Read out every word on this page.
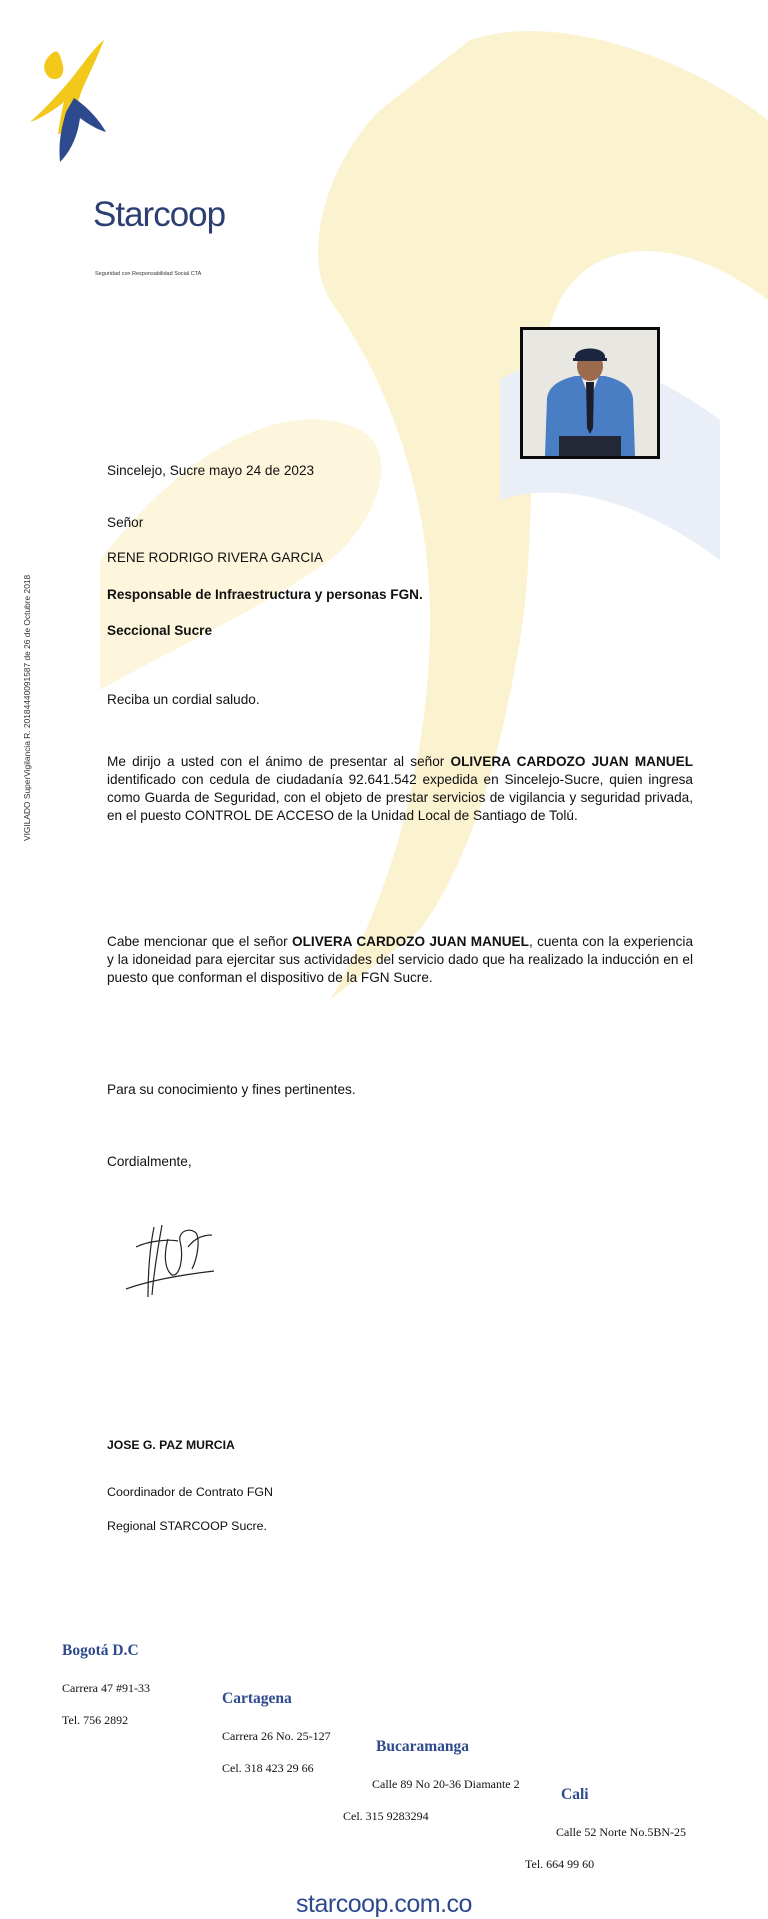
Starcoop
Seguridad con Responsabilidad Social CTA
VIGILADO SuperVigilancia R. 20184440091587 de 26 de Octubre 2018
Sincelejo, Sucre mayo 24 de 2023
Señor
RENE RODRIGO RIVERA GARCIA
Responsable de Infraestructura y personas FGN.
Seccional Sucre
Reciba un cordial saludo.
Me dirijo a usted con el ánimo de presentar al señor OLIVERA CARDOZO JUAN MANUEL identificado con cedula de ciudadanía 92.641.542 expedida en Sincelejo-Sucre, quien ingresa como Guarda de Seguridad, con el objeto de prestar servicios de vigilancia y seguridad privada, en el puesto CONTROL DE ACCESO de la Unidad Local de Santiago de Tolú.
Cabe mencionar que el señor OLIVERA CARDOZO JUAN MANUEL, cuenta con la experiencia y la idoneidad para ejercitar sus actividades del servicio dado que ha realizado la inducción en el puesto que conforman el dispositivo de la FGN Sucre.
Para su conocimiento y fines pertinentes.
Cordialmente,
JOSE G. PAZ MURCIA
Coordinador de Contrato FGN
Regional STARCOOP Sucre.
Bogotá D.C
Carrera 47 #91-33
Tel. 756 2892
Cartagena
Carrera 26 No. 25-127
Cel. 318 423 29 66
Bucaramanga
Calle 89 No 20-36 Diamante 2
Cel. 315 9283294
Cali
Calle 52 Norte No.5BN-25
Tel. 664 99 60
starcoop.com.co
